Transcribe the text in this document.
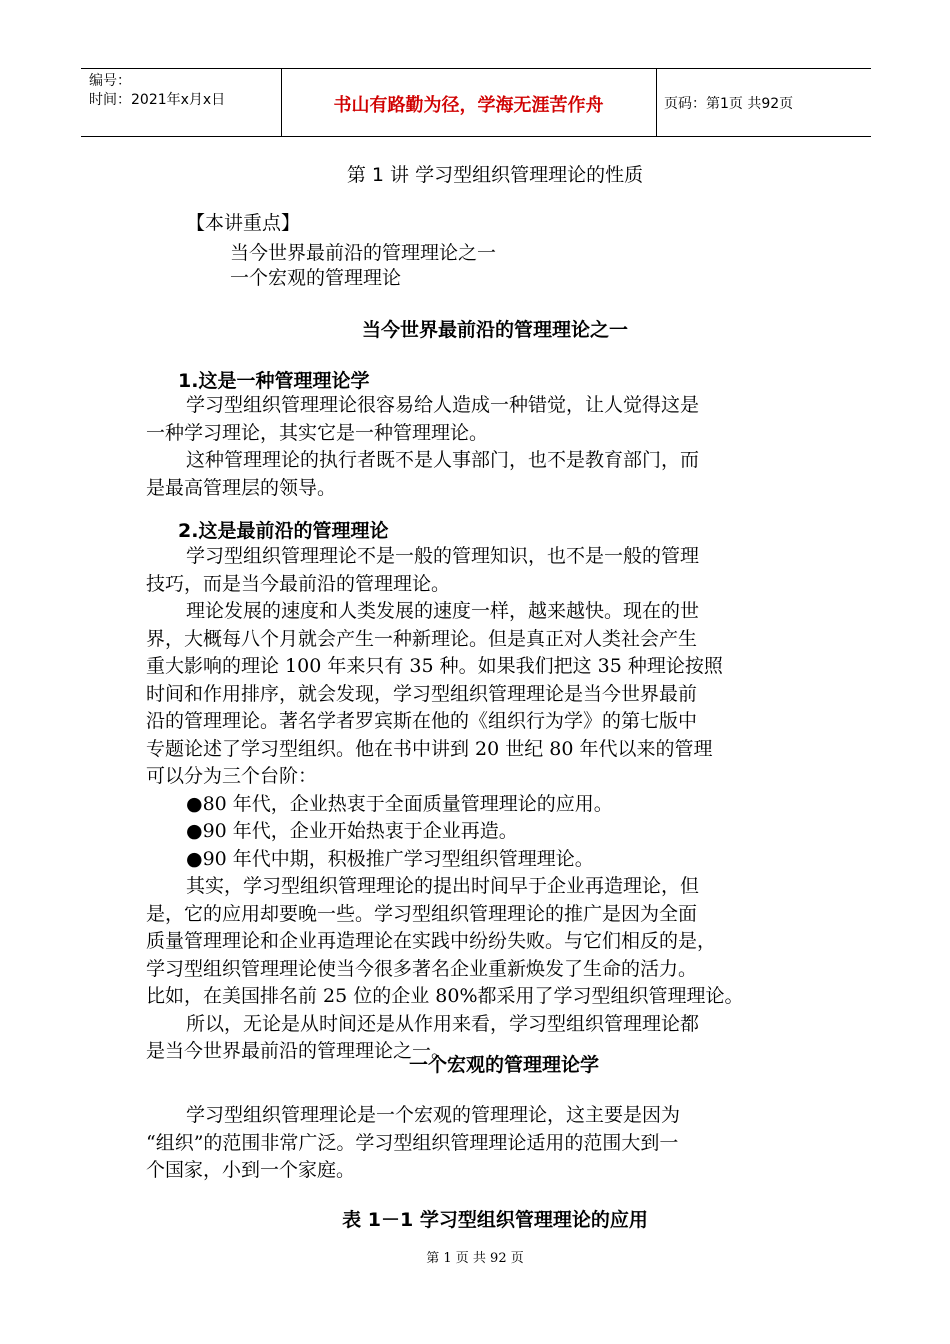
编号：
时间：2021年x月x日	书山有路勤为径，学海无涯苦作舟	页码：第1页 共92页
第 1 讲 学习型组织管理理论的性质
【本讲重点】
当今世界最前沿的管理理论之一
一个宏观的管理理论
当今世界最前沿的管理理论之一
1.这是一种管理理论学
学习型组织管理理论很容易给人造成一种错觉，让人觉得这是
一种学习理论，其实它是一种管理理论。
这种管理理论的执行者既不是人事部门，也不是教育部门，而
是最高管理层的领导。
2.这是最前沿的管理理论
学习型组织管理理论不是一般的管理知识，也不是一般的管理
技巧，而是当今最前沿的管理理论。
理论发展的速度和人类发展的速度一样，越来越快。现在的世
界，大概每八个月就会产生一种新理论。但是真正对人类社会产生
重大影响的理论 100 年来只有 35 种。如果我们把这 35 种理论按照
时间和作用排序，就会发现，学习型组织管理理论是当今世界最前
沿的管理理论。著名学者罗宾斯在他的《组织行为学》的第七版中
专题论述了学习型组织。他在书中讲到 20 世纪 80 年代以来的管理
可以分为三个台阶：
●80 年代，企业热衷于全面质量管理理论的应用。
●90 年代，企业开始热衷于企业再造。
●90 年代中期，积极推广学习型组织管理理论。
其实，学习型组织管理理论的提出时间早于企业再造理论，但
是，它的应用却要晚一些。学习型组织管理理论的推广是因为全面
质量管理理论和企业再造理论在实践中纷纷失败。与它们相反的是，
学习型组织管理理论使当今很多著名企业重新焕发了生命的活力。
比如，在美国排名前 25 位的企业 80%都采用了学习型组织管理理论。
所以，无论是从时间还是从作用来看，学习型组织管理理论都
是当今世界最前沿的管理理论之一。
一个宏观的管理理论学
学习型组织管理理论是一个宏观的管理理论，这主要是因为
“组织”的范围非常广泛。学习型组织管理理论适用的范围大到一
个国家，小到一个家庭。
表 1－1 学习型组织管理理论的应用
第 1 页 共 92 页
